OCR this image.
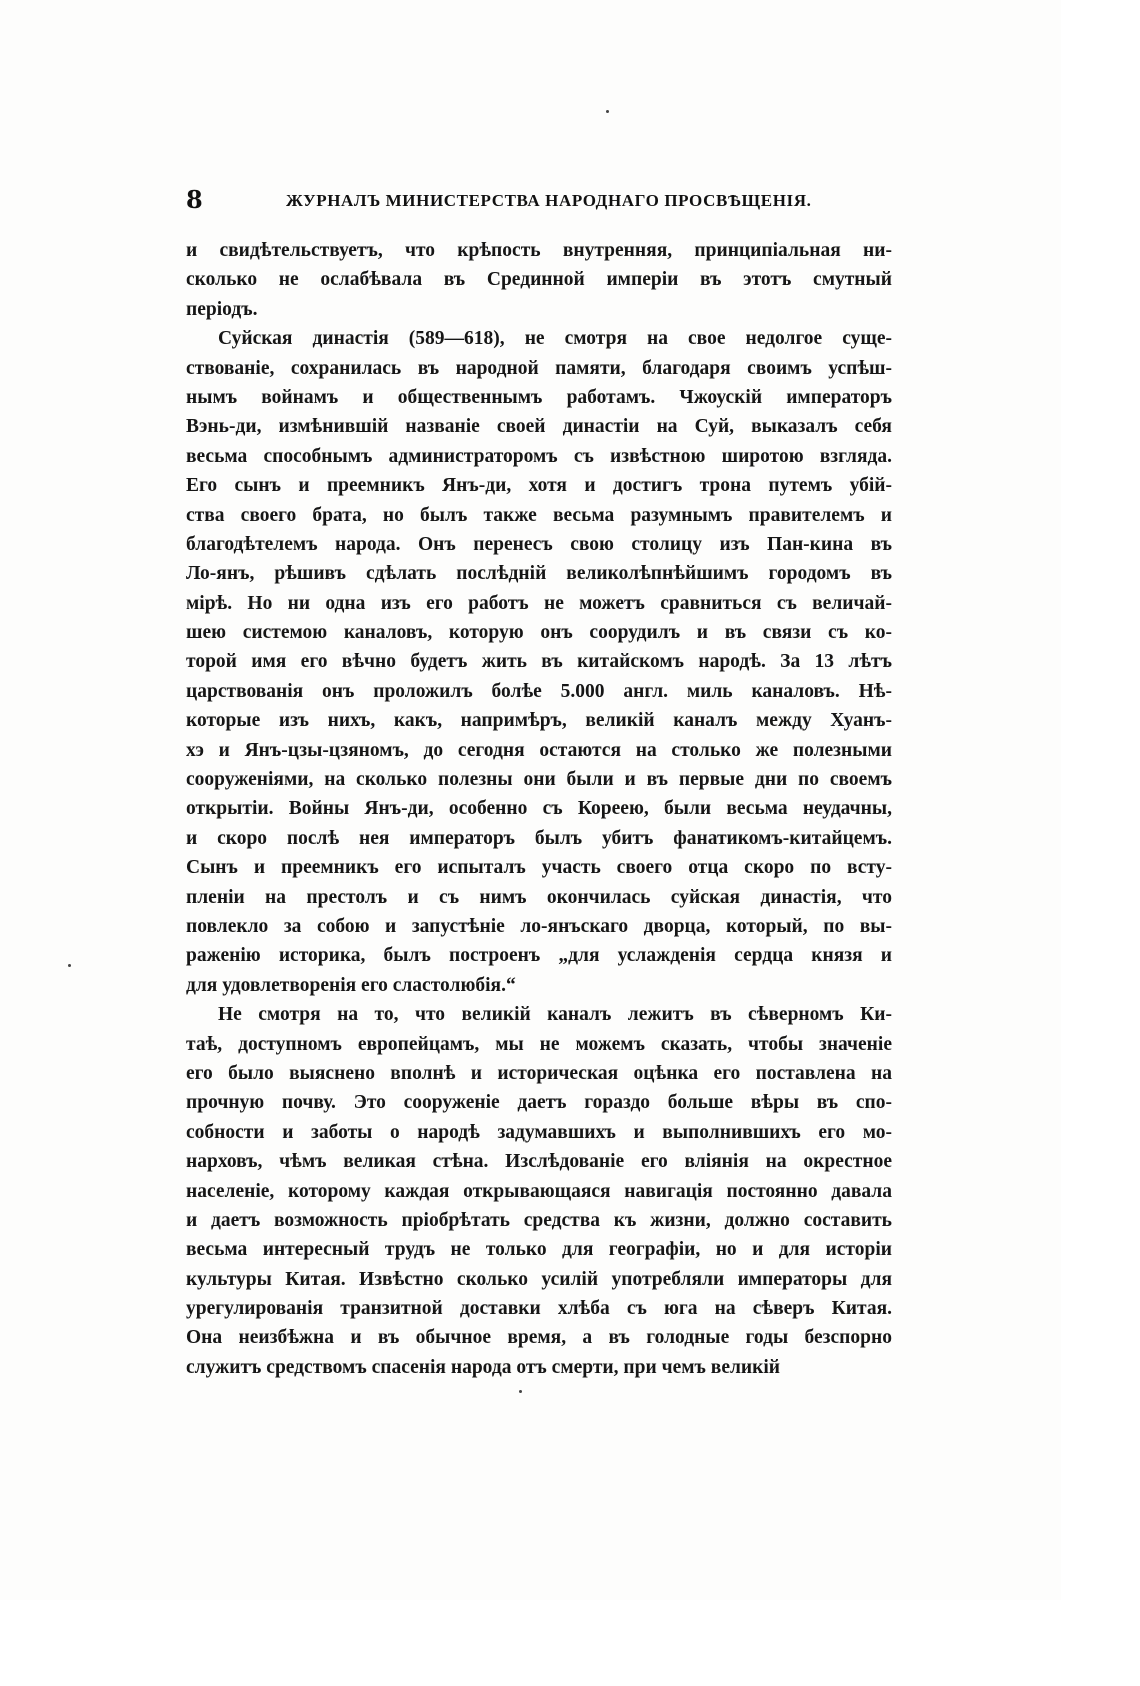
8	ЖУРНАЛЪ МИНИСТЕРСТВА НАРОДНАГО ПРОСВѢЩЕНІЯ.

и свидѣтельствуетъ, что крѣпость внутренняя, принципіальная ни-
сколько не ослабѣвала въ Срединной имперіи въ этотъ смутный
періодъ.

Суйская династія (589—618), не смотря на свое недолгое суще-
ствованіе, сохранилась въ народной памяти, благодаря своимъ успѣш-
нымъ войнамъ и общественнымъ работамъ. Чжоускій императоръ
Вэнь-ди, измѣнившій названіе своей династіи на Суй, выказалъ себя
весьма способнымъ администраторомъ съ извѣстною широтою взгляда.
Его сынъ и преемникъ Янъ-ди, хотя и достигъ трона путемъ убій-
ства своего брата, но былъ также весьма разумнымъ правителемъ и
благодѣтелемъ народа. Онъ перенесъ свою столицу изъ Пан-кина въ
Ло-янъ, рѣшивъ сдѣлать послѣдній великолѣпнѣйшимъ городомъ въ
мірѣ. Но ни одна изъ его работъ не можетъ сравниться съ величай-
шею системою каналовъ, которую онъ соорудилъ и въ связи съ ко-
торой имя его вѣчно будетъ жить въ китайскомъ народѣ. За 13 лѣтъ
царствованія онъ проложилъ болѣе 5.000 англ. миль каналовъ. Нѣ-
которые изъ нихъ, какъ, напримѣръ, великій каналъ между Хуанъ-
хэ и Янъ-цзы-цзяномъ, до сегодня остаются на столько же полезными
сооруженіями, на сколько полезны они были и въ первые дни по своемъ
открытіи. Войны Янъ-ди, особенно съ Кореею, были весьма неудачны,
и скоро послѣ нея императоръ былъ убитъ фанатикомъ-китайцемъ.
Сынъ и преемникъ его испыталъ участь своего отца скоро по всту-
пленіи на престолъ и съ нимъ окончилась суйская династія, что
повлекло за собою и запустѣніе ло-янъскаго дворца, который, по вы-
раженію историка, былъ построенъ „для услажденія сердца князя и
для удовлетворенія его сластолюбія.“

Не смотря на то, что великій каналъ лежитъ въ сѣверномъ Ки-
таѣ, доступномъ европейцамъ, мы не можемъ сказать, чтобы значеніе
его было выяснено вполнѣ и историческая оцѣнка его поставлена на
прочную почву. Это сооруженіе даетъ гораздо больше вѣры въ спо-
собности и заботы о народѣ задумавшихъ и выполнившихъ его мо-
нарховъ, чѣмъ великая стѣна. Изслѣдованіе его вліянія на окрестное
населеніе, которому каждая открывающаяся навигація постоянно давала
и даетъ возможность пріобрѣтать средства къ жизни, должно составить
весьма интересный трудъ не только для географіи, но и для исторіи
культуры Китая. Извѣстно сколько усилій употребляли императоры для
урегулированія транзитной доставки хлѣба съ юга на сѣверъ Китая.
Она неизбѣжна и въ обычное время, а въ голодные годы безспорно
служитъ средствомъ спасенія народа отъ смерти, при чемъ великій
